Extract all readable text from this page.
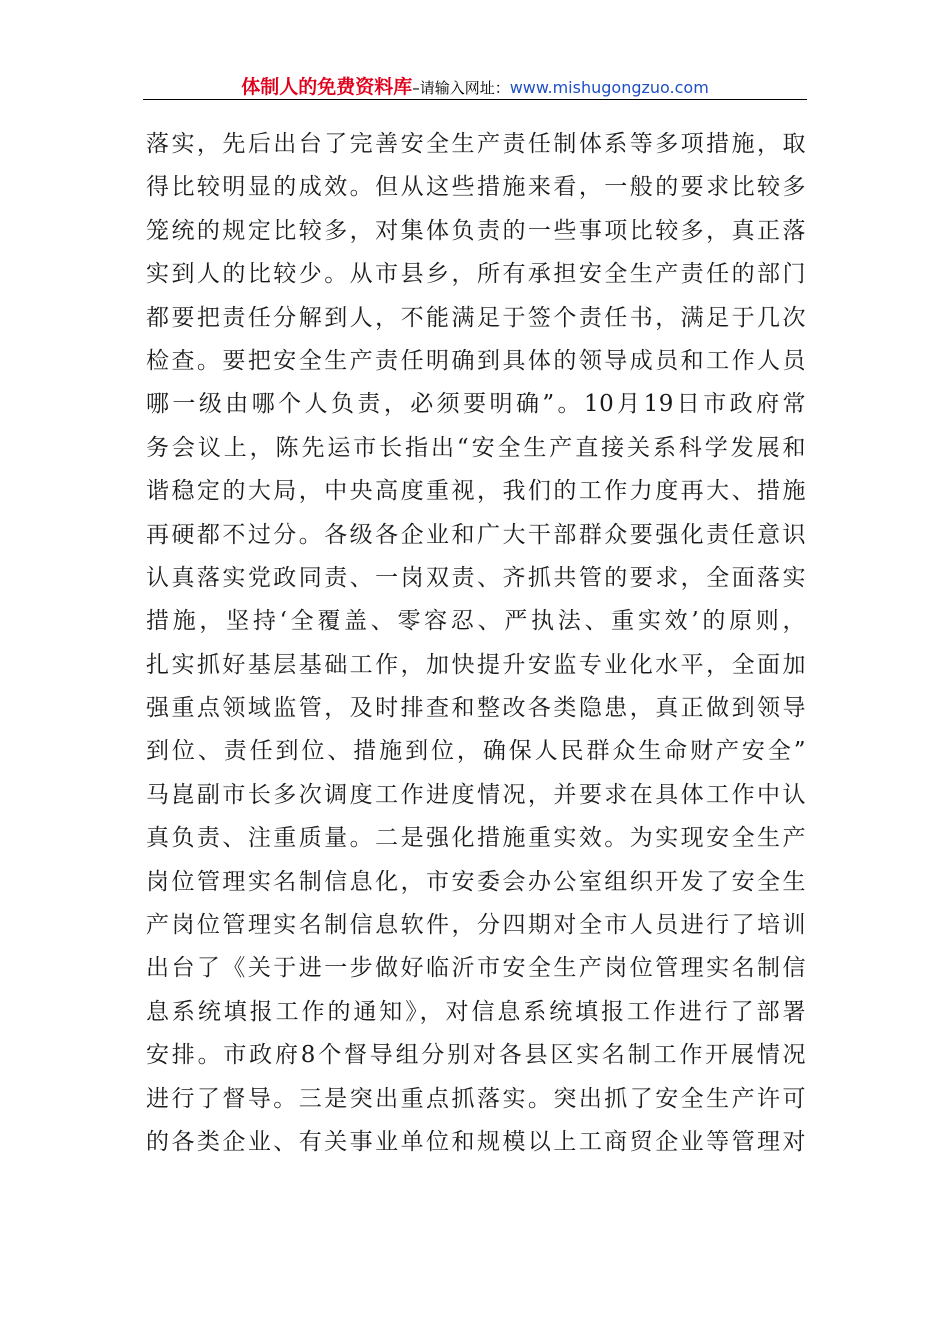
体制人的免费资料库–请输入网址：www.mishugongzuo.com
落实，先后出台了完善安全生产责任制体系等多项措施，取
得比较明显的成效。但从这些措施来看，一般的要求比较多
笼统的规定比较多，对集体负责的一些事项比较多，真正落
实到人的比较少。从市县乡，所有承担安全生产责任的部门
都要把责任分解到人，不能满足于签个责任书，满足于几次
检查。要把安全生产责任明确到具体的领导成员和工作人员
哪一级由哪个人负责，必须要明确”。10月19日市政府常
务会议上，陈先运市长指出“安全生产直接关系科学发展和
谐稳定的大局，中央高度重视，我们的工作力度再大、措施
再硬都不过分。各级各企业和广大干部群众要强化责任意识
认真落实党政同责、一岗双责、齐抓共管的要求，全面落实
措施，坚持‘全覆盖、零容忍、严执法、重实效’的原则，
扎实抓好基层基础工作，加快提升安监专业化水平，全面加
强重点领域监管，及时排查和整改各类隐患，真正做到领导
到位、责任到位、措施到位，确保人民群众生命财产安全”
马崑副市长多次调度工作进度情况，并要求在具体工作中认
真负责、注重质量。二是强化措施重实效。为实现安全生产
岗位管理实名制信息化，市安委会办公室组织开发了安全生
产岗位管理实名制信息软件，分四期对全市人员进行了培训
出台了《关于进一步做好临沂市安全生产岗位管理实名制信
息系统填报工作的通知》，对信息系统填报工作进行了部署
安排。市政府8个督导组分别对各县区实名制工作开展情况
进行了督导。三是突出重点抓落实。突出抓了安全生产许可
的各类企业、有关事业单位和规模以上工商贸企业等管理对
